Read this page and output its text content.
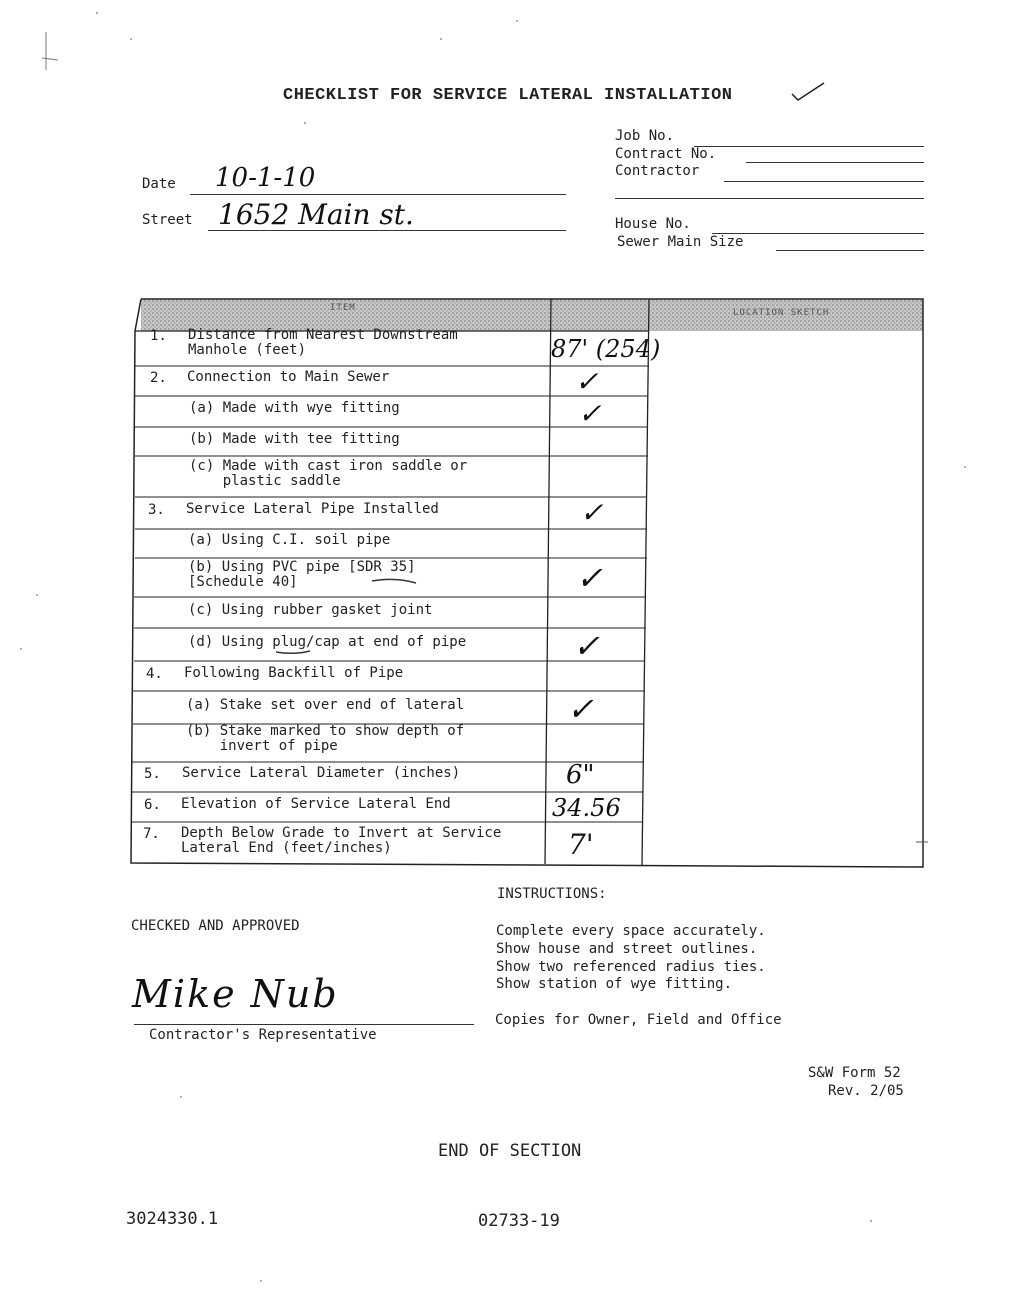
CHECKLIST FOR SERVICE LATERAL INSTALLATION
Job No.
Contract No.
Contractor
House No.
Sewer Main Size
Date 10-1-10
Street 1652 Main st.
ITEM	LOCATION SKETCH
1. Distance from Nearest Downstream
Manhole (feet)	87' (254)
2. Connection to Main Sewer	✓
(a) Made with wye fitting	✓
(b) Made with tee fitting
(c) Made with cast iron saddle or
plastic saddle
3. Service Lateral Pipe Installed	✓
(a) Using C.I. soil pipe
(b) Using PVC pipe [SDR 35]
[Schedule 40]	✓
(c) Using rubber gasket joint
(d) Using plug/cap at end of pipe	✓
4. Following Backfill of Pipe
(a) Stake set over end of lateral	✓
(b) Stake marked to show depth of
invert of pipe
5. Service Lateral Diameter (inches)	6"
6. Elevation of Service Lateral End	34.56
7. Depth Below Grade to Invert at Service
Lateral End (feet/inches)	7'
CHECKED AND APPROVED
Mike Nub
Contractor's Representative
INSTRUCTIONS:
Complete every space accurately.
Show house and street outlines.
Show two referenced radius ties.
Show station of wye fitting.
Copies for Owner, Field and Office
S&W Form 52
Rev. 2/05
END OF SECTION
3024330.1	02733-19
